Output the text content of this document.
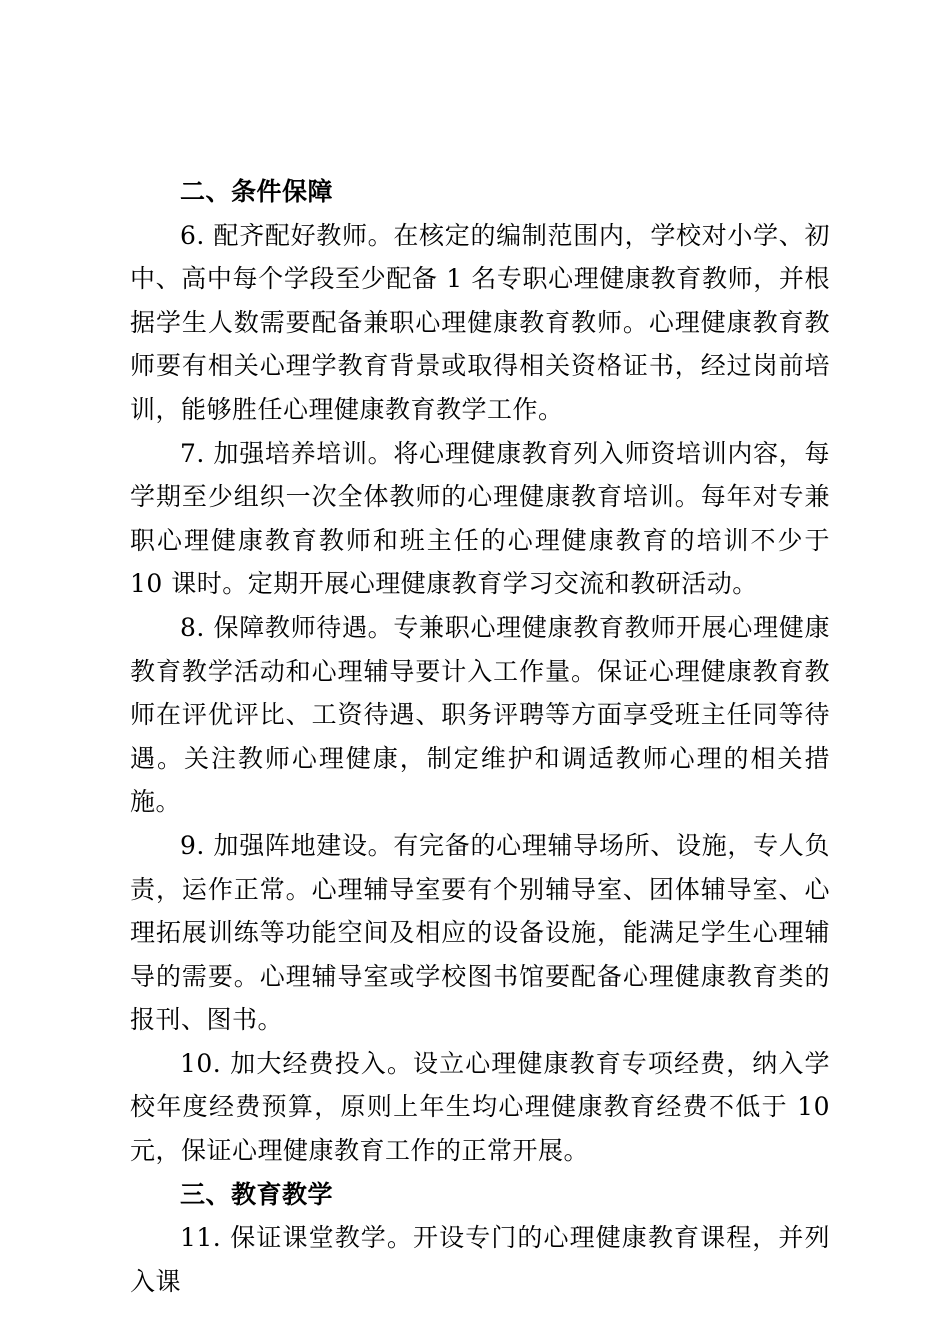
二、条件保障

6. 配齐配好教师。在核定的编制范围内，学校对小学、初中、高中每个学段至少配备 1 名专职心理健康教育教师，并根据学生人数需要配备兼职心理健康教育教师。心理健康教育教师要有相关心理学教育背景或取得相关资格证书，经过岗前培训，能够胜任心理健康教育教学工作。

7. 加强培养培训。将心理健康教育列入师资培训内容，每学期至少组织一次全体教师的心理健康教育培训。每年对专兼职心理健康教育教师和班主任的心理健康教育的培训不少于 10 课时。定期开展心理健康教育学习交流和教研活动。

8. 保障教师待遇。专兼职心理健康教育教师开展心理健康教育教学活动和心理辅导要计入工作量。保证心理健康教育教师在评优评比、工资待遇、职务评聘等方面享受班主任同等待遇。关注教师心理健康，制定维护和调适教师心理的相关措施。

9. 加强阵地建设。有完备的心理辅导场所、设施，专人负责，运作正常。心理辅导室要有个别辅导室、团体辅导室、心理拓展训练等功能空间及相应的设备设施，能满足学生心理辅导的需要。心理辅导室或学校图书馆要配备心理健康教育类的报刊、图书。

10. 加大经费投入。设立心理健康教育专项经费，纳入学校年度经费预算，原则上年生均心理健康教育经费不低于 10 元，保证心理健康教育工作的正常开展。

三、教育教学

11. 保证课堂教学。开设专门的心理健康教育课程，并列入课
